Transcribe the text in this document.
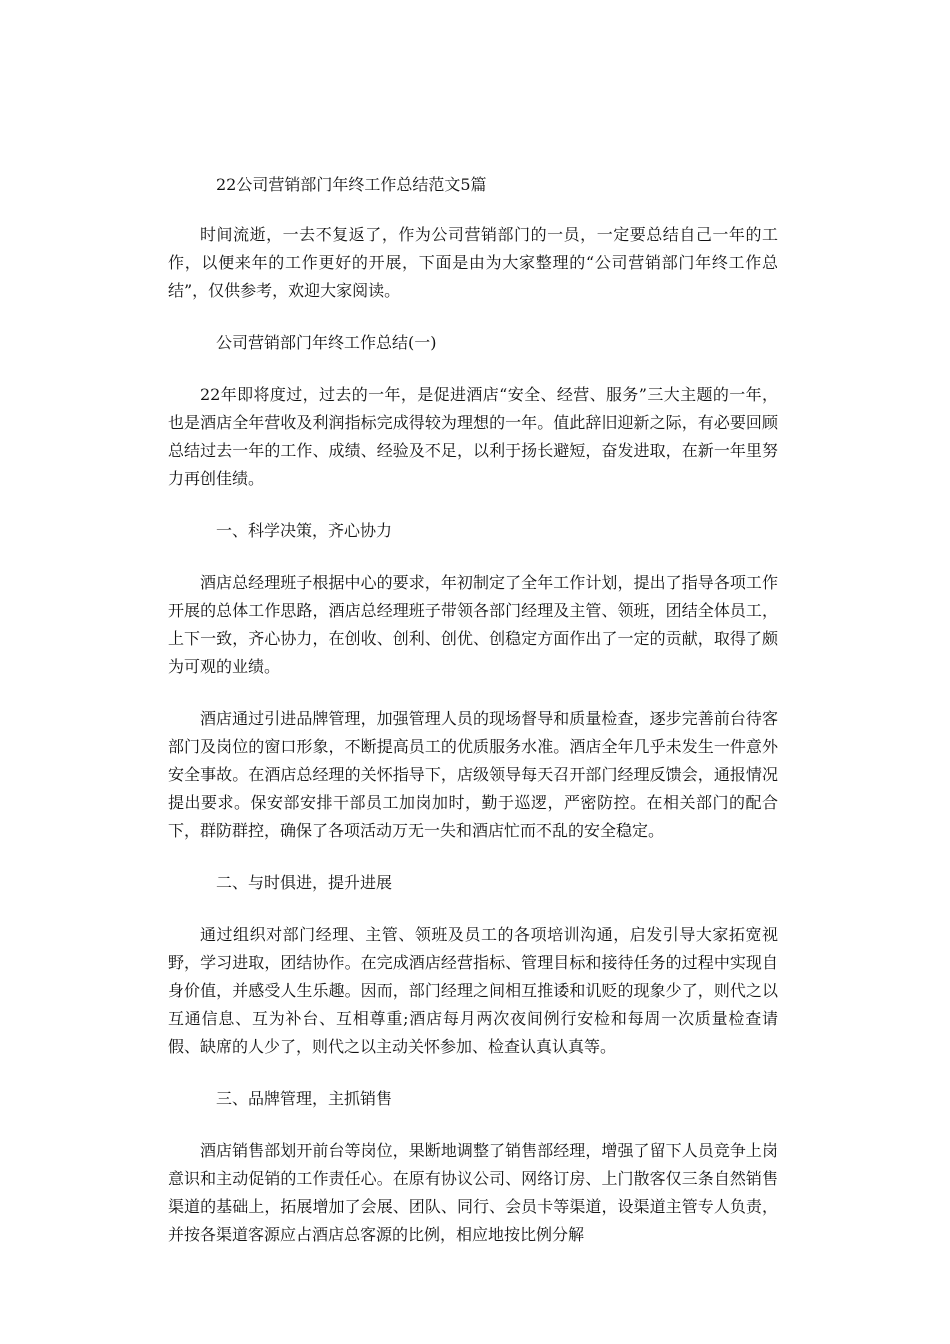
22公司营销部门年终工作总结范文5篇

时间流逝，一去不复返了，作为公司营销部门的一员，一定要总结自己一年的工作，以便来年的工作更好的开展，下面是由为大家整理的“公司营销部门年终工作总结”，仅供参考，欢迎大家阅读。

公司营销部门年终工作总结(一)

22年即将度过，过去的一年，是促进酒店“安全、经营、服务”三大主题的一年，也是酒店全年营收及利润指标完成得较为理想的一年。值此辞旧迎新之际，有必要回顾总结过去一年的工作、成绩、经验及不足，以利于扬长避短，奋发进取，在新一年里努力再创佳绩。

一、科学决策，齐心协力

酒店总经理班子根据中心的要求，年初制定了全年工作计划，提出了指导各项工作开展的总体工作思路，酒店总经理班子带领各部门经理及主管、领班，团结全体员工，上下一致，齐心协力，在创收、创利、创优、创稳定方面作出了一定的贡献，取得了颇为可观的业绩。

酒店通过引进品牌管理，加强管理人员的现场督导和质量检查，逐步完善前台待客部门及岗位的窗口形象，不断提高员工的优质服务水准。酒店全年几乎未发生一件意外安全事故。在酒店总经理的关怀指导下，店级领导每天召开部门经理反馈会，通报情况提出要求。保安部安排干部员工加岗加时，勤于巡逻，严密防控。在相关部门的配合下，群防群控，确保了各项活动万无一失和酒店忙而不乱的安全稳定。

二、与时俱进，提升进展

通过组织对部门经理、主管、领班及员工的各项培训沟通，启发引导大家拓宽视野，学习进取，团结协作。在完成酒店经营指标、管理目标和接待任务的过程中实现自身价值，并感受人生乐趣。因而，部门经理之间相互推诿和讥贬的现象少了，则代之以互通信息、互为补台、互相尊重;酒店每月两次夜间例行安检和每周一次质量检查请假、缺席的人少了，则代之以主动关怀参加、检查认真认真等。

三、品牌管理，主抓销售

酒店销售部划开前台等岗位，果断地调整了销售部经理，增强了留下人员竞争上岗意识和主动促销的工作责任心。在原有协议公司、网络订房、上门散客仅三条自然销售渠道的基础上，拓展增加了会展、团队、同行、会员卡等渠道，设渠道主管专人负责，并按各渠道客源应占酒店总客源的比例，相应地按比例分解
